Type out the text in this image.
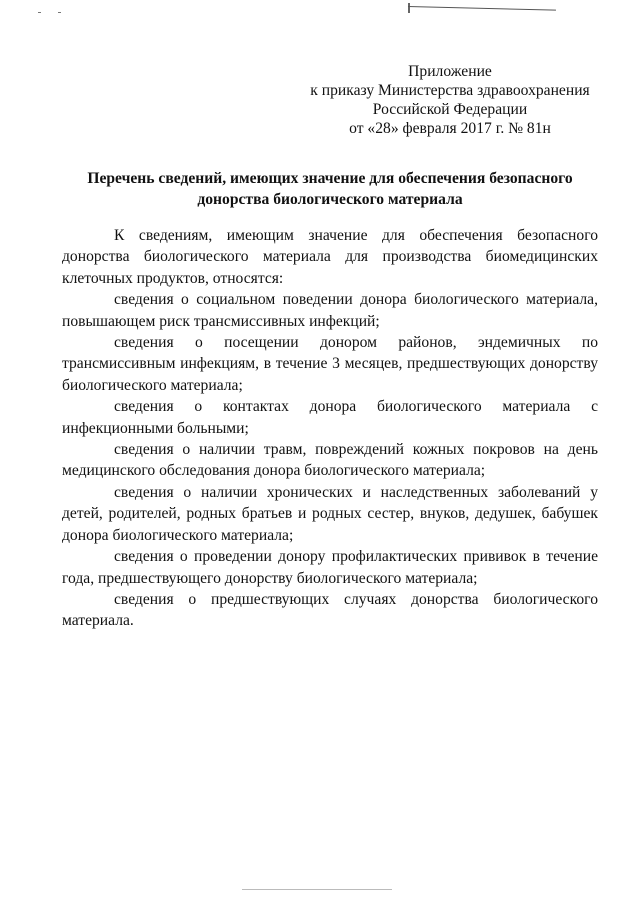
Приложение
к приказу Министерства здравоохранения
Российской Федерации
от «28» февраля 2017 г. № 81н
Перечень сведений, имеющих значение для обеспечения безопасного
донорства биологического материала

К сведениям, имеющим значение для обеспечения безопасного донорства биологического материала для производства биомедицинских клеточных продуктов, относятся:

сведения о социальном поведении донора биологического материала, повышающем риск трансмиссивных инфекций;

сведения о посещении донором районов, эндемичных по трансмиссивным инфекциям, в течение 3 месяцев, предшествующих донорству биологического материала;

сведения о контактах донора биологического материала с инфекционными больными;

сведения о наличии травм, повреждений кожных покровов на день медицинского обследования донора биологического материала;

сведения о наличии хронических и наследственных заболеваний у детей, родителей, родных братьев и родных сестер, внуков, дедушек, бабушек донора биологического материала;

сведения о проведении донору профилактических прививок в течение года, предшествующего донорству биологического материала;

сведения о предшествующих случаях донорства биологического материала.
